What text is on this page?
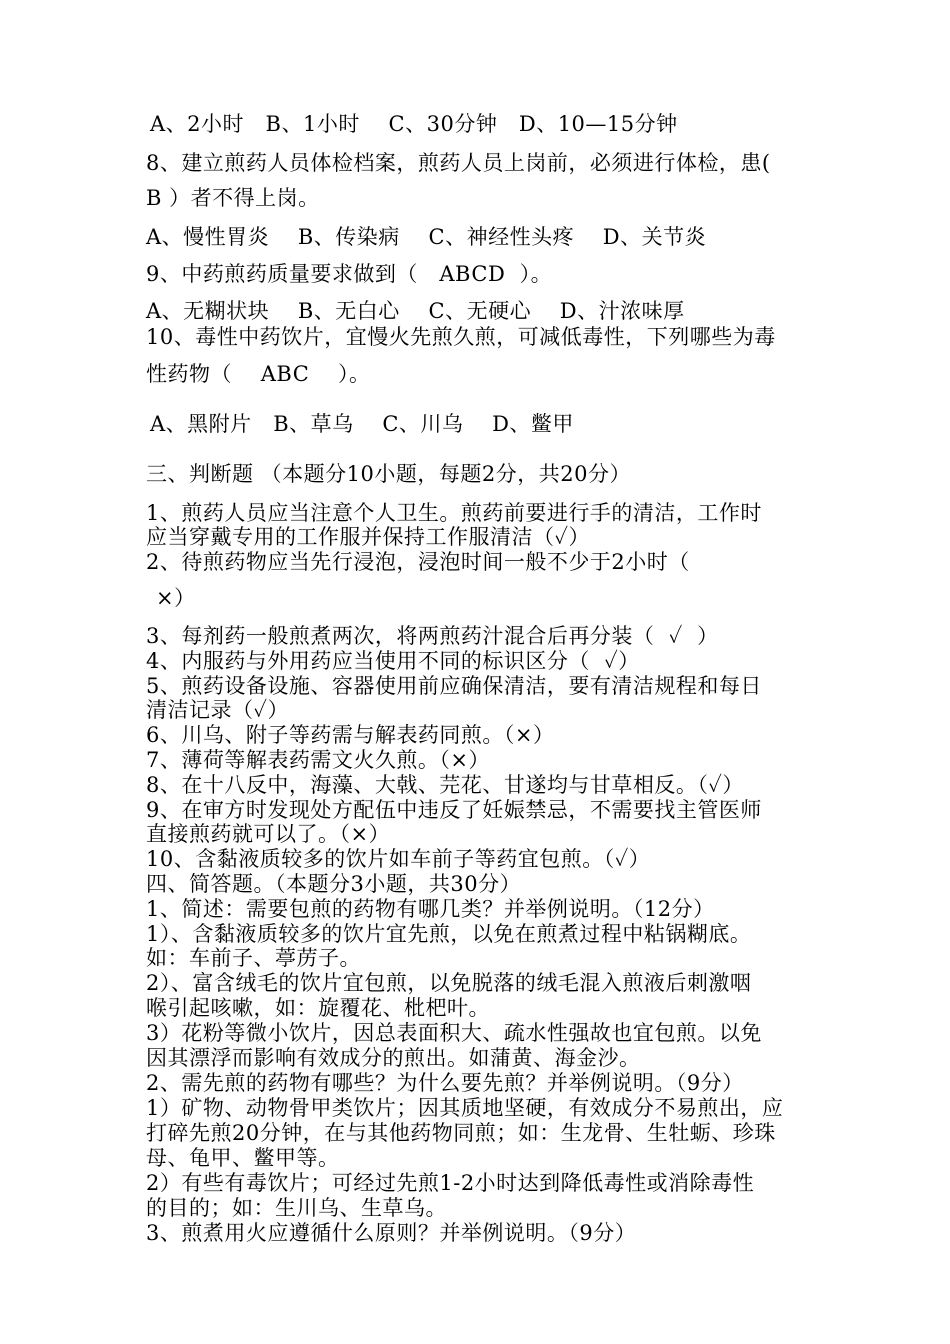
A、2小时   B、1小时    C、30分钟   D、10—15分钟
8、建立煎药人员体检档案，煎药人员上岗前，必须进行体检，患(
B ）者不得上岗。
A、慢性胃炎    B、传染病    C、神经性头疼    D、关节炎
9、中药煎药质量要求做到（   ABCD  ）。
A、无糊状块    B、无白心    C、无硬心    D、汁浓味厚
10、毒性中药饮片，宜慢火先煎久煎，可减低毒性，下列哪些为毒
性药物（    ABC    ）。
A、黑附片   B、草乌    C、川乌    D、鳖甲
三、判断题 （本题分10小题，每题2分，共20分）
1、煎药人员应当注意个人卫生。煎药前要进行手的清洁，工作时
应当穿戴专用的工作服并保持工作服清洁（✓）
2、待煎药物应当先行浸泡，浸泡时间一般不少于2小时（
×）
3、每剂药一般煎煮两次，将两煎药汁混合后再分装（  ✓  ）
4、内服药与外用药应当使用不同的标识区分（  ✓）
5、煎药设备设施、容器使用前应确保清洁，要有清洁规程和每日
清洁记录（✓）
6、川乌、附子等药需与解表药同煎。（×）
7、薄荷等解表药需文火久煎。（×）
8、在十八反中，海藻、大戟、芫花、甘遂均与甘草相反。（✓）
9、在审方时发现处方配伍中违反了妊娠禁忌，不需要找主管医师
直接煎药就可以了。（×）
10、含黏液质较多的饮片如车前子等药宜包煎。（✓）
四、简答题。（本题分3小题，共30分）
1、简述：需要包煎的药物有哪几类？并举例说明。（12分）
1）、含黏液质较多的饮片宜先煎，以免在煎煮过程中粘锅糊底。
如：车前子、葶苈子。
2）、富含绒毛的饮片宜包煎，以免脱落的绒毛混入煎液后刺激咽
喉引起咳嗽，如：旋覆花、枇杷叶。
3）花粉等微小饮片，因总表面积大、疏水性强故也宜包煎。以免
因其漂浮而影响有效成分的煎出。如蒲黄、海金沙。
2、需先煎的药物有哪些？为什么要先煎？并举例说明。（9分）
1）矿物、动物骨甲类饮片；因其质地坚硬，有效成分不易煎出，应
打碎先煎20分钟，在与其他药物同煎；如：生龙骨、生牡蛎、珍珠
母、龟甲、鳖甲等。
2）有些有毒饮片；可经过先煎1-2小时达到降低毒性或消除毒性
的目的；如：生川乌、生草乌。
3、煎煮用火应遵循什么原则？并举例说明。（9分）
